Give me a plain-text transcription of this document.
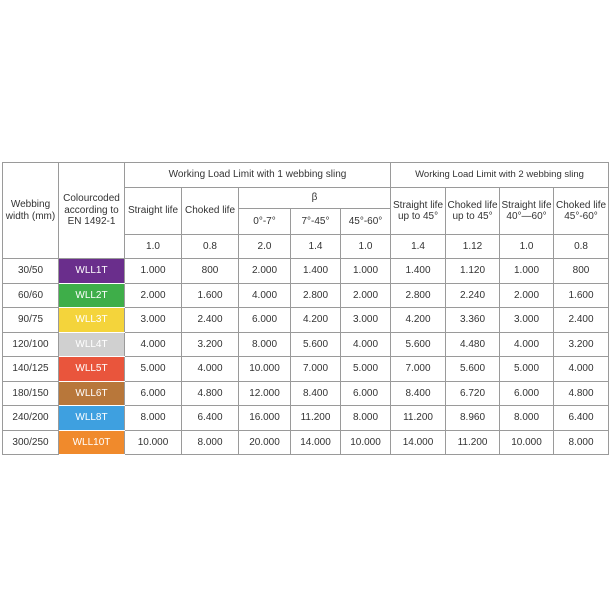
Webbing width (mm)	Colourcoded according to EN 1492-1	Working Load Limit with 1 webbing sling					Working Load Limit with 2 webbing sling			
		Straight life	Choked life	β			Straight life up to 45°	Choked life up to 45°	Straight life 40°—60°	Choked life 45°-60°
				0°-7°	7°-45°	45°-60°				
		1.0	0.8	2.0	1.4	1.0	1.4	1.12	1.0	0.8
30/50	WLL1T	1.000	800	2.000	1.400	1.000	1.400	1.120	1.000	800
60/60	WLL2T	2.000	1.600	4.000	2.800	2.000	2.800	2.240	2.000	1.600
90/75	WLL3T	3.000	2.400	6.000	4.200	3.000	4.200	3.360	3.000	2.400
120/100	WLL4T	4.000	3.200	8.000	5.600	4.000	5.600	4.480	4.000	3.200
140/125	WLL5T	5.000	4.000	10.000	7.000	5.000	7.000	5.600	5.000	4.000
180/150	WLL6T	6.000	4.800	12.000	8.400	6.000	8.400	6.720	6.000	4.800
240/200	WLL8T	8.000	6.400	16.000	11.200	8.000	11.200	8.960	8.000	6.400
300/250	WLL10T	10.000	8.000	20.000	14.000	10.000	14.000	11.200	10.000	8.000
